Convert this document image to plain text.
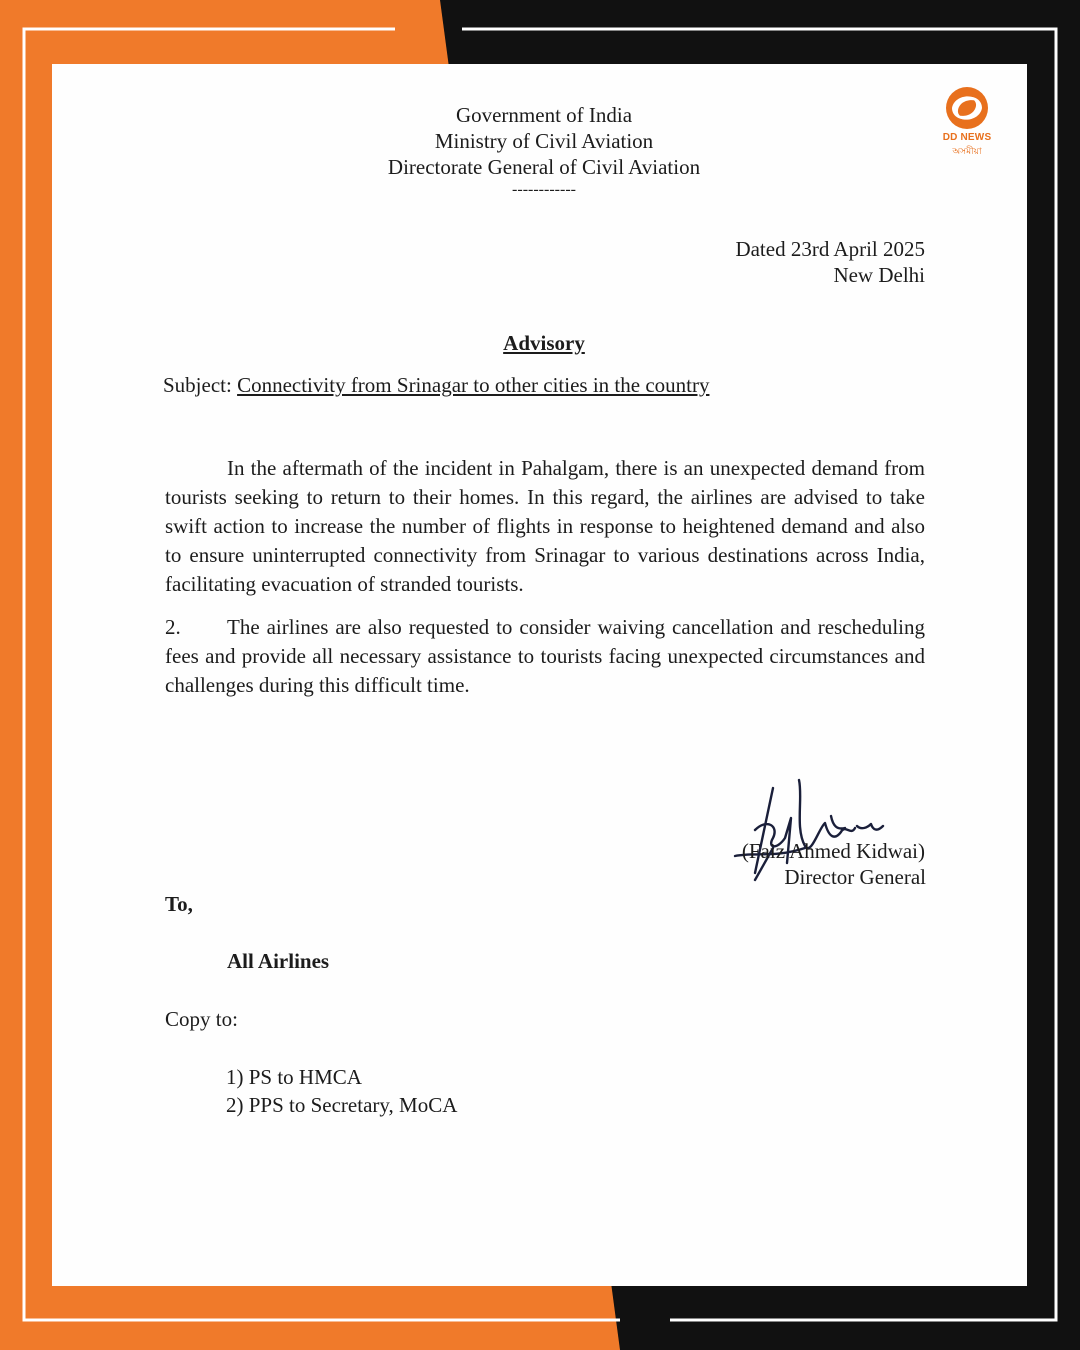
DD NEWS
অসমীয়া
Government of India
Ministry of Civil Aviation
Directorate General of Civil Aviation
------------
Dated 23rd April 2025
New Delhi
Advisory
Subject: Connectivity from Srinagar to other cities in the country
In the aftermath of the incident in Pahalgam, there is an unexpected demand from tourists seeking to return to their homes. In this regard, the airlines are advised to take swift action to increase the number of flights in response to heightened demand and also to ensure uninterrupted connectivity from Srinagar to various destinations across India, facilitating evacuation of stranded tourists.
2.	The airlines are also requested to consider waiving cancellation and rescheduling fees and provide all necessary assistance to tourists facing unexpected circumstances and challenges during this difficult time.
(Faiz Ahmed Kidwai)
Director General
To,
All Airlines
Copy to:
1) PS to HMCA
2) PPS to Secretary, MoCA
